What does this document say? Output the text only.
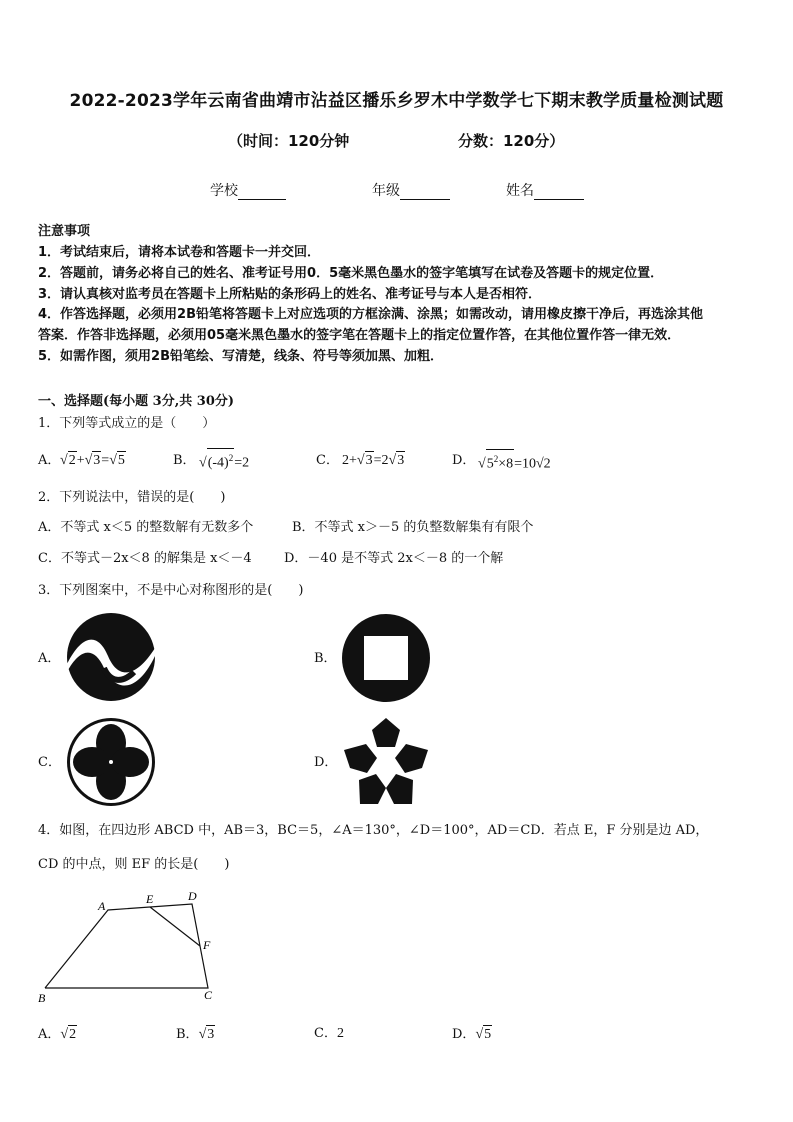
2022-2023学年云南省曲靖市沾益区播乐乡罗木中学数学七下期末教学质量检测试题
（时间：120分钟	分数：120分）
学校	年级	姓名
注意事项
1．考试结束后，请将本试卷和答题卡一并交回．
2．答题前，请务必将自己的姓名、准考证号用0．5毫米黑色墨水的签字笔填写在试卷及答题卡的规定位置．
3．请认真核对监考员在答题卡上所粘贴的条形码上的姓名、准考证号与本人是否相符．
4．作答选择题，必须用2B铅笔将答题卡上对应选项的方框涂满、涂黑；如需改动，请用橡皮擦干净后，再选涂其他
答案．作答非选择题，必须用05毫米黑色墨水的签字笔在答题卡上的指定位置作答，在其他位置作答一律无效．
5．如需作图，须用2B铅笔绘、写清楚，线条、符号等须加黑、加粗．
一、选择题(每小题 3分,共 30分)
1．下列等式成立的是（　　）
A． √2+√3=√5	B． $√(-4)^2=2$	C． 2+√3=2√3	D． $√5^2\times 8=10√2$
2．下列说法中，错误的是(　　)
A．不等式 x＜5 的整数解有无数多个	B．不等式 x＞－5 的负整数解集有有限个
C．不等式－2x＜8 的解集是 x＜－4 D．－40 是不等式 2x＜－8 的一个解
3．下列图案中，不是中心对称图形的是(　　)
A．	B．
C．	D．
4．如图，在四边形 ABCD 中，AB＝3，BC＝5，∠A＝130°，∠D＝100°，AD＝CD．若点 E，F 分别是边 AD，
CD 的中点，则 EF 的长是(　　)
A	E	D
F
B	C
A．√2	B．√3	C．2	D．√5
